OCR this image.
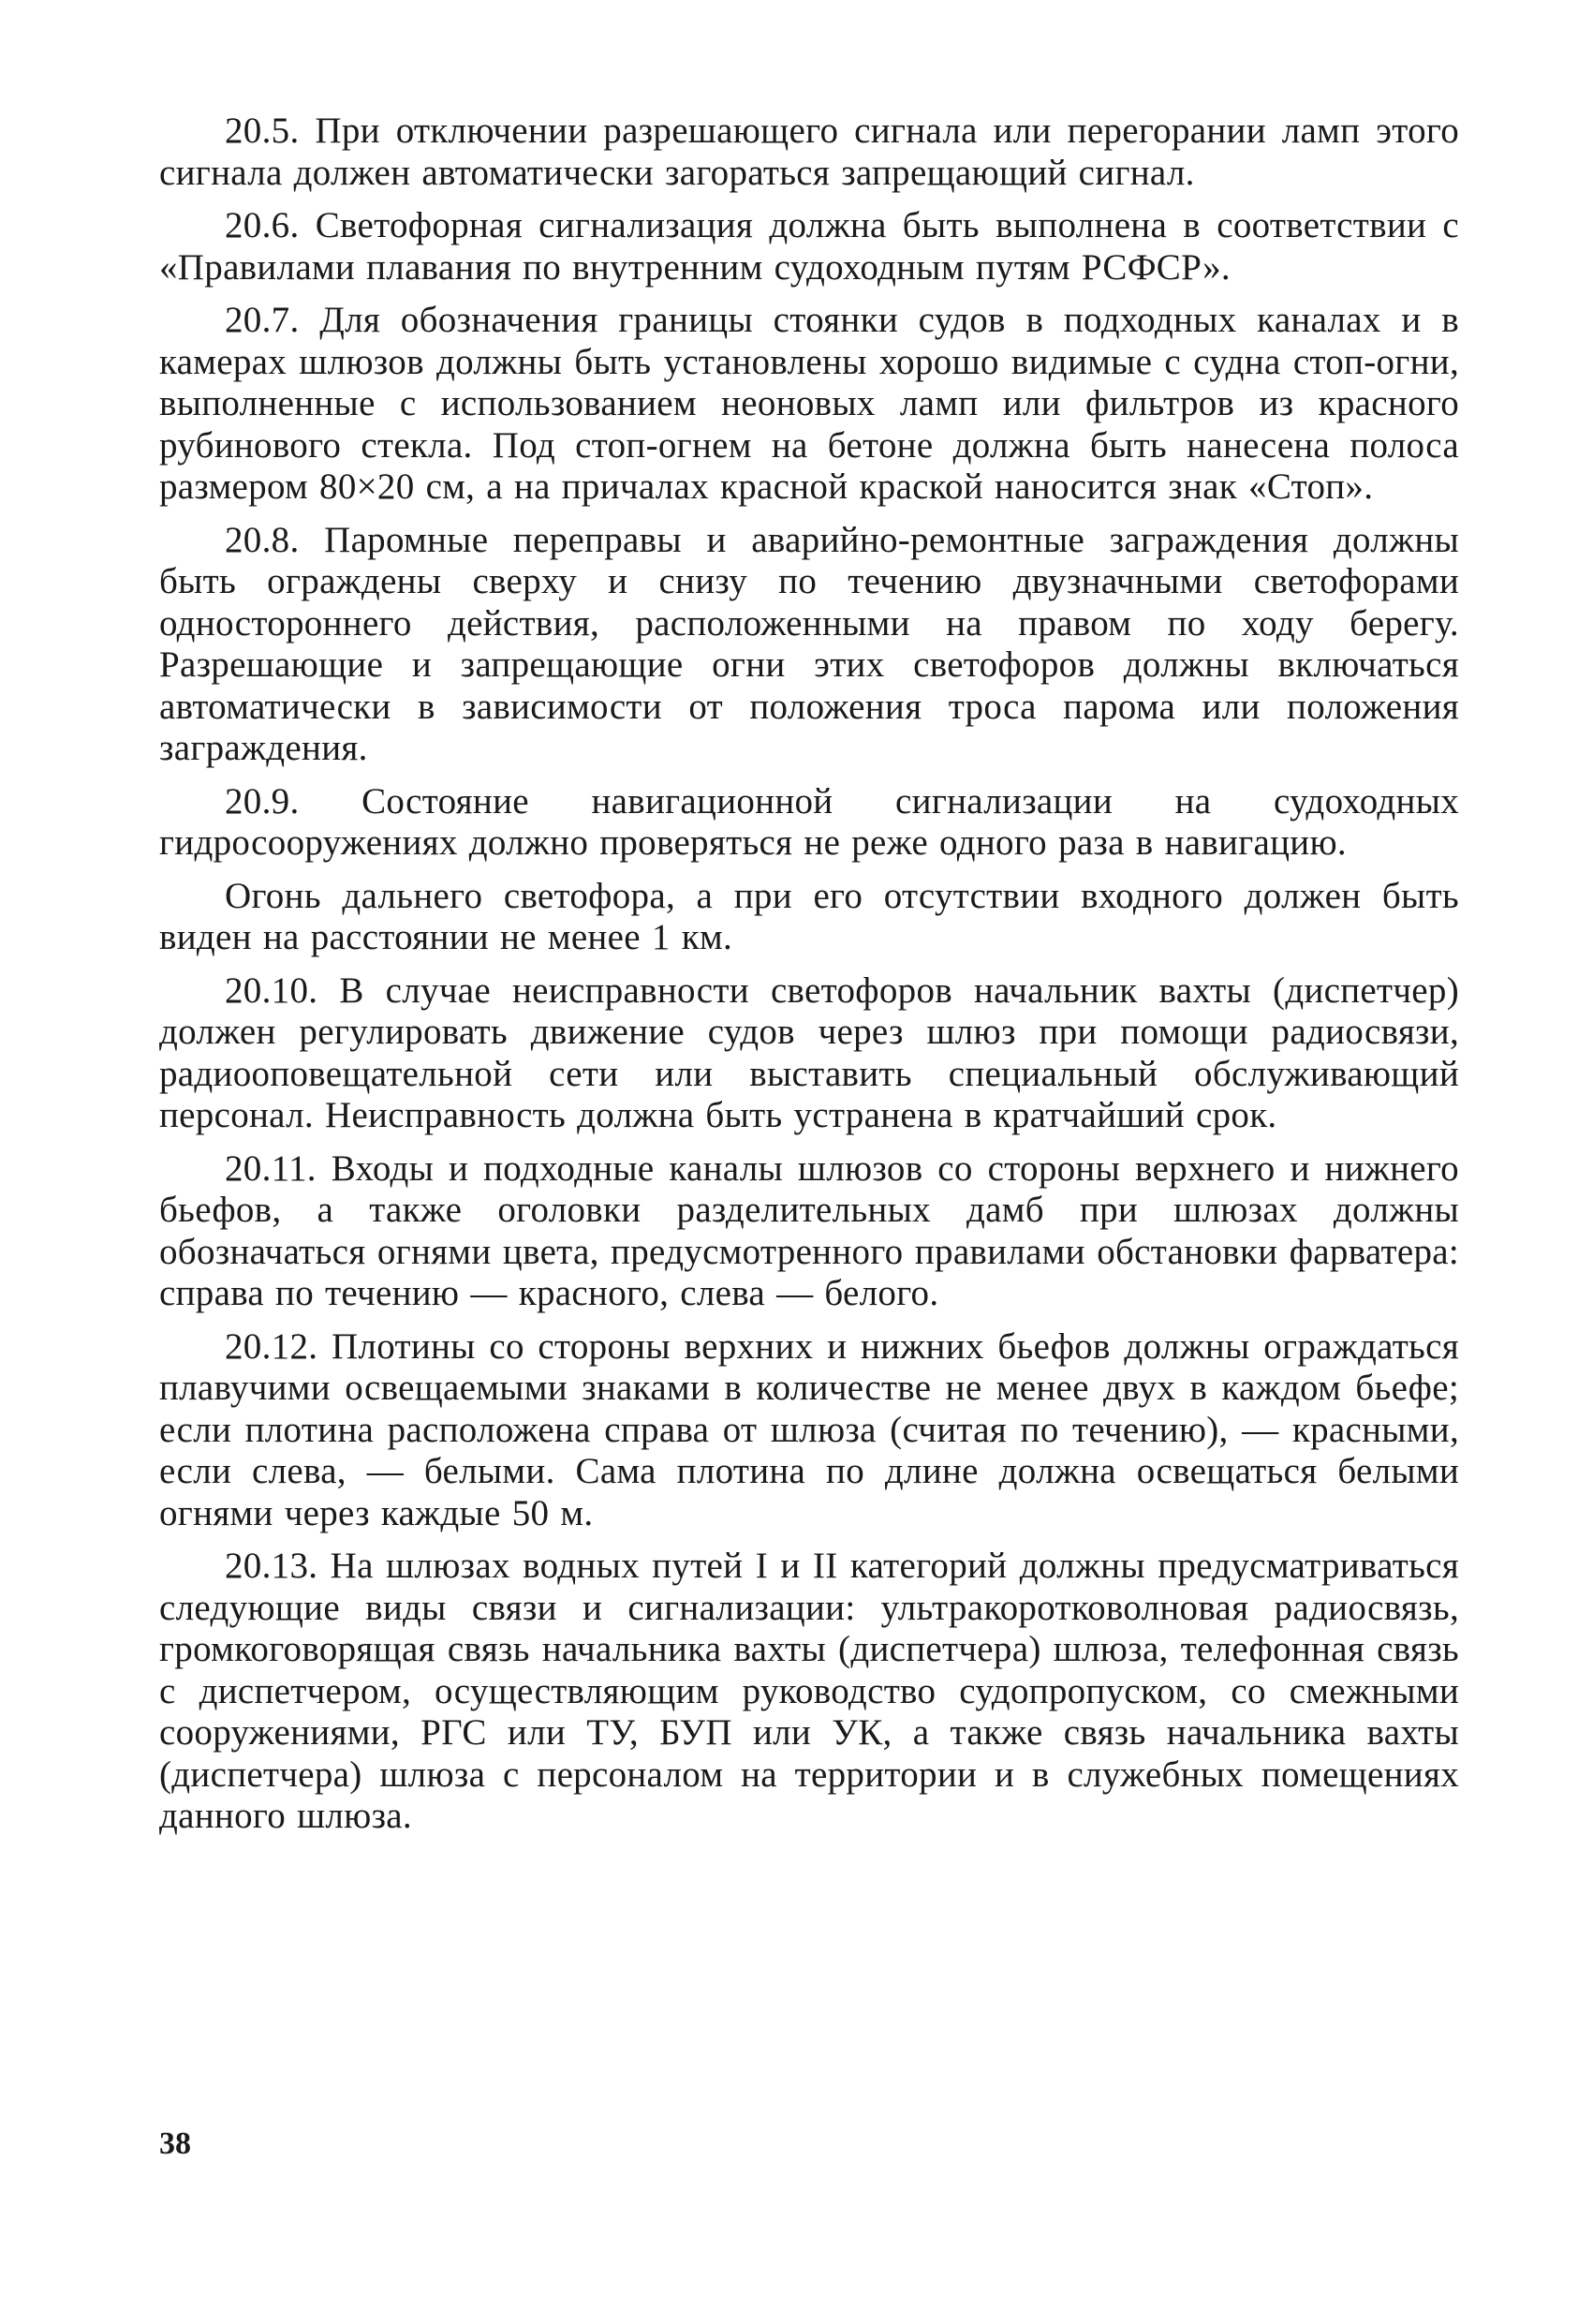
20.5. При отключении разрешающего сигнала или перегорании ламп этого сигнала должен автоматически загораться запрещающий сигнал.

20.6. Светофорная сигнализация должна быть выполнена в соответствии с «Правилами плавания по внутренним судоходным путям РСФСР».

20.7. Для обозначения границы стоянки судов в подходных каналах и в камерах шлюзов должны быть установлены хорошо видимые с судна стоп-огни, выполненные с использованием неоновых ламп или фильтров из красного рубинового стекла. Под стоп-огнем на бетоне должна быть нанесена полоса размером 80×20 см, а на причалах красной краской наносится знак «Стоп».

20.8. Паромные переправы и аварийно-ремонтные заграждения должны быть ограждены сверху и снизу по течению двузначными светофорами одностороннего действия, расположенными на правом по ходу берегу. Разрешающие и запрещающие огни этих светофоров должны включаться автоматически в зависимости от положения троса парома или положения заграждения.

20.9. Состояние навигационной сигнализации на судоходных гидросооружениях должно проверяться не реже одного раза в навигацию.

Огонь дальнего светофора, а при его отсутствии входного должен быть виден на расстоянии не менее 1 км.

20.10. В случае неисправности светофоров начальник вахты (диспетчер) должен регулировать движение судов через шлюз при помощи радиосвязи, радиооповещательной сети или выставить специальный обслуживающий персонал. Неисправность должна быть устранена в кратчайший срок.

20.11. Входы и подходные каналы шлюзов со стороны верхнего и нижнего бьефов, а также оголовки разделительных дамб при шлюзах должны обозначаться огнями цвета, предусмотренного правилами обстановки фарватера: справа по течению — красного, слева — белого.

20.12. Плотины со стороны верхних и нижних бьефов должны ограждаться плавучими освещаемыми знаками в количестве не менее двух в каждом бьефе; если плотина расположена справа от шлюза (считая по течению), — красными, если слева, — белыми. Сама плотина по длине должна освещаться белыми огнями через каждые 50 м.

20.13. На шлюзах водных путей I и II категорий должны предусматриваться следующие виды связи и сигнализации: ультракоротковолновая радиосвязь, громкоговорящая связь начальника вахты (диспетчера) шлюза, телефонная связь с диспетчером, осуществляющим руководство судопропуском, со смежными сооружениями, РГС или ТУ, БУП или УК, а также связь начальника вахты (диспетчера) шлюза с персоналом на территории и в служебных помещениях данного шлюза.

38
